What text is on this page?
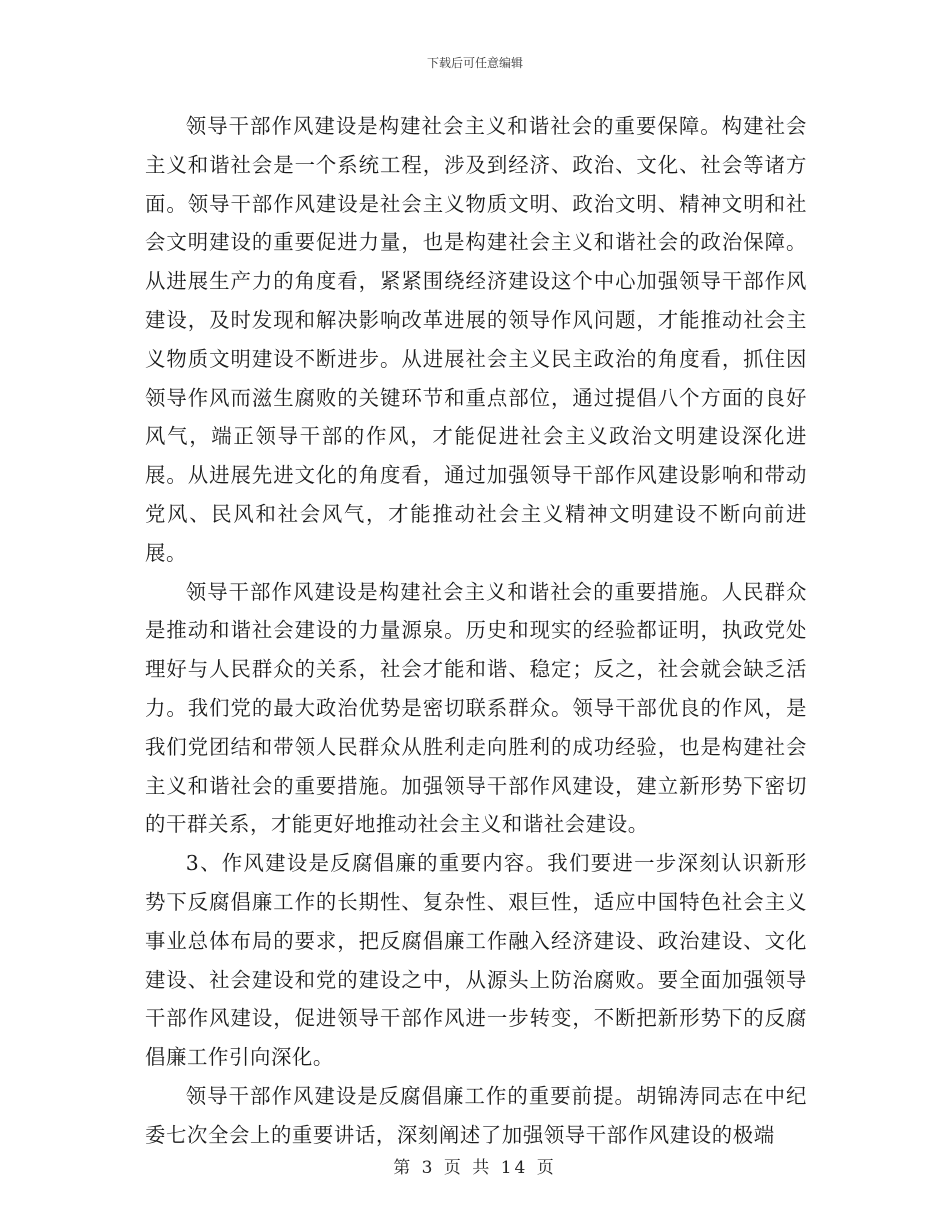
下载后可任意编辑

领导干部作风建设是构建社会主义和谐社会的重要保障。构建社会主义和谐社会是一个系统工程，涉及到经济、政治、文化、社会等诸方面。领导干部作风建设是社会主义物质文明、政治文明、精神文明和社会文明建设的重要促进力量，也是构建社会主义和谐社会的政治保障。从进展生产力的角度看，紧紧围绕经济建设这个中心加强领导干部作风建设，及时发现和解决影响改革进展的领导作风问题，才能推动社会主义物质文明建设不断进步。从进展社会主义民主政治的角度看，抓住因领导作风而滋生腐败的关键环节和重点部位，通过提倡八个方面的良好风气，端正领导干部的作风，才能促进社会主义政治文明建设深化进展。从进展先进文化的角度看，通过加强领导干部作风建设影响和带动党风、民风和社会风气，才能推动社会主义精神文明建设不断向前进展。

领导干部作风建设是构建社会主义和谐社会的重要措施。人民群众是推动和谐社会建设的力量源泉。历史和现实的经验都证明，执政党处理好与人民群众的关系，社会才能和谐、稳定；反之，社会就会缺乏活力。我们党的最大政治优势是密切联系群众。领导干部优良的作风，是我们党团结和带领人民群众从胜利走向胜利的成功经验，也是构建社会主义和谐社会的重要措施。加强领导干部作风建设，建立新形势下密切的干群关系，才能更好地推动社会主义和谐社会建设。

3、作风建设是反腐倡廉的重要内容。我们要进一步深刻认识新形势下反腐倡廉工作的长期性、复杂性、艰巨性，适应中国特色社会主义事业总体布局的要求，把反腐倡廉工作融入经济建设、政治建设、文化建设、社会建设和党的建设之中，从源头上防治腐败。要全面加强领导干部作风建设，促进领导干部作风进一步转变，不断把新形势下的反腐倡廉工作引向深化。

领导干部作风建设是反腐倡廉工作的重要前提。胡锦涛同志在中纪委七次全会上的重要讲话，深刻阐述了加强领导干部作风建设的极端

第 3 页 共 14 页
